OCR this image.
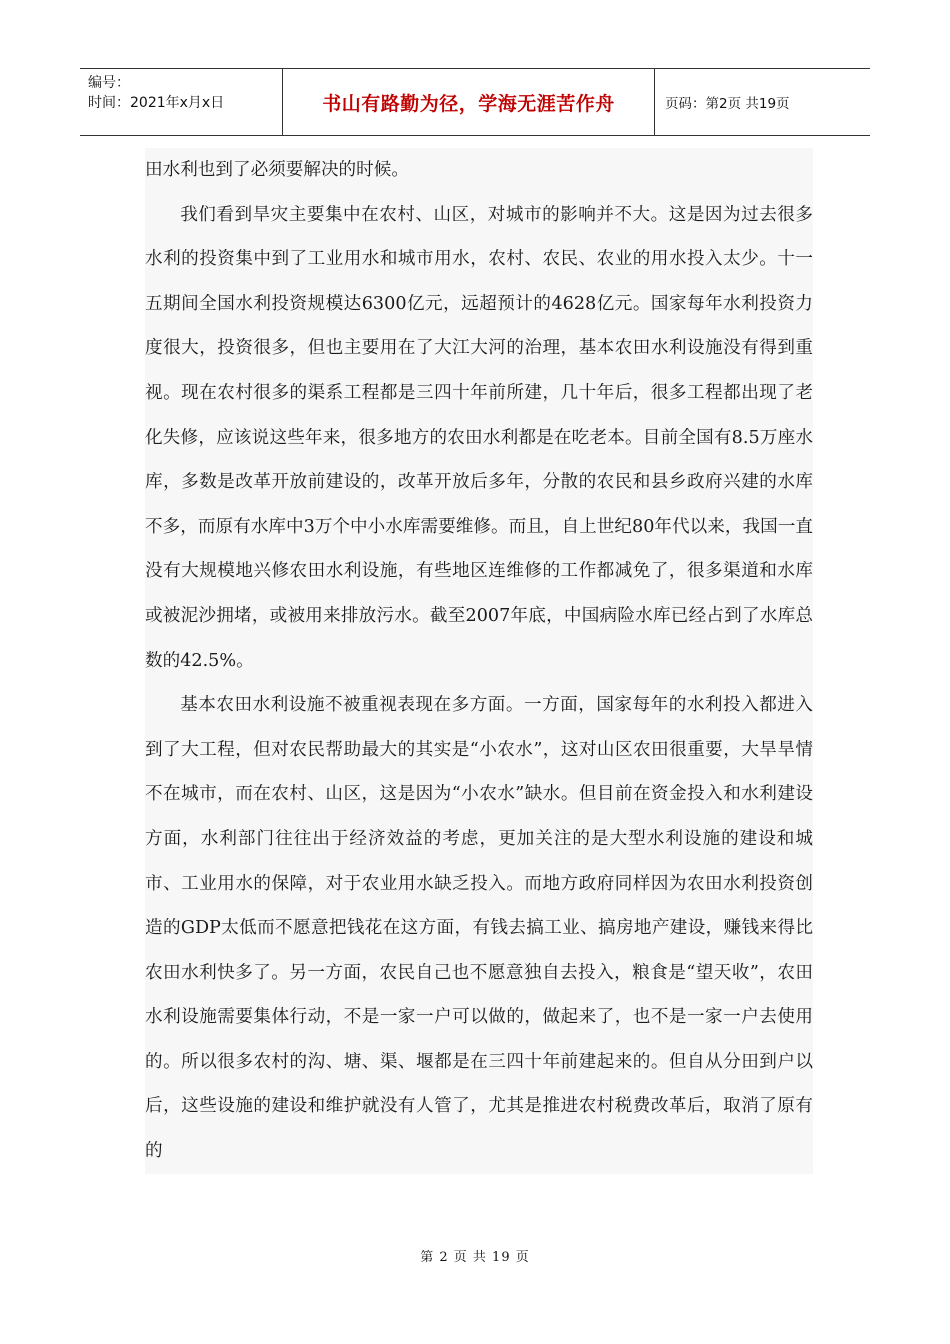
编号：
时间：2021年x月x日	书山有路勤为径，学海无涯苦作舟	页码：第2页 共19页

田水利也到了必须要解决的时候。

我们看到旱灾主要集中在农村、山区，对城市的影响并不大。这是因为过去很多水利的投资集中到了工业用水和城市用水，农村、农民、农业的用水投入太少。十一五期间全国水利投资规模达6300亿元，远超预计的4628亿元。国家每年水利投资力度很大，投资很多，但也主要用在了大江大河的治理，基本农田水利设施没有得到重视。现在农村很多的渠系工程都是三四十年前所建，几十年后，很多工程都出现了老化失修，应该说这些年来，很多地方的农田水利都是在吃老本。目前全国有8.5万座水库，多数是改革开放前建设的，改革开放后多年，分散的农民和县乡政府兴建的水库不多，而原有水库中3万个中小水库需要维修。而且，自上世纪80年代以来，我国一直没有大规模地兴修农田水利设施，有些地区连维修的工作都减免了，很多渠道和水库或被泥沙拥堵，或被用来排放污水。截至2007年底，中国病险水库已经占到了水库总数的42.5%。

基本农田水利设施不被重视表现在多方面。一方面，国家每年的水利投入都进入到了大工程，但对农民帮助最大的其实是“小农水”，这对山区农田很重要，大旱旱情不在城市，而在农村、山区，这是因为“小农水”缺水。但目前在资金投入和水利建设方面，水利部门往往出于经济效益的考虑，更加关注的是大型水利设施的建设和城市、工业用水的保障，对于农业用水缺乏投入。而地方政府同样因为农田水利投资创造的GDP太低而不愿意把钱花在这方面，有钱去搞工业、搞房地产建设，赚钱来得比农田水利快多了。另一方面，农民自己也不愿意独自去投入，粮食是“望天收”，农田水利设施需要集体行动，不是一家一户可以做的，做起来了，也不是一家一户去使用的。所以很多农村的沟、塘、渠、堰都是在三四十年前建起来的。但自从分田到户以后，这些设施的建设和维护就没有人管了，尤其是推进农村税费改革后，取消了原有的

第 2 页 共 19 页
